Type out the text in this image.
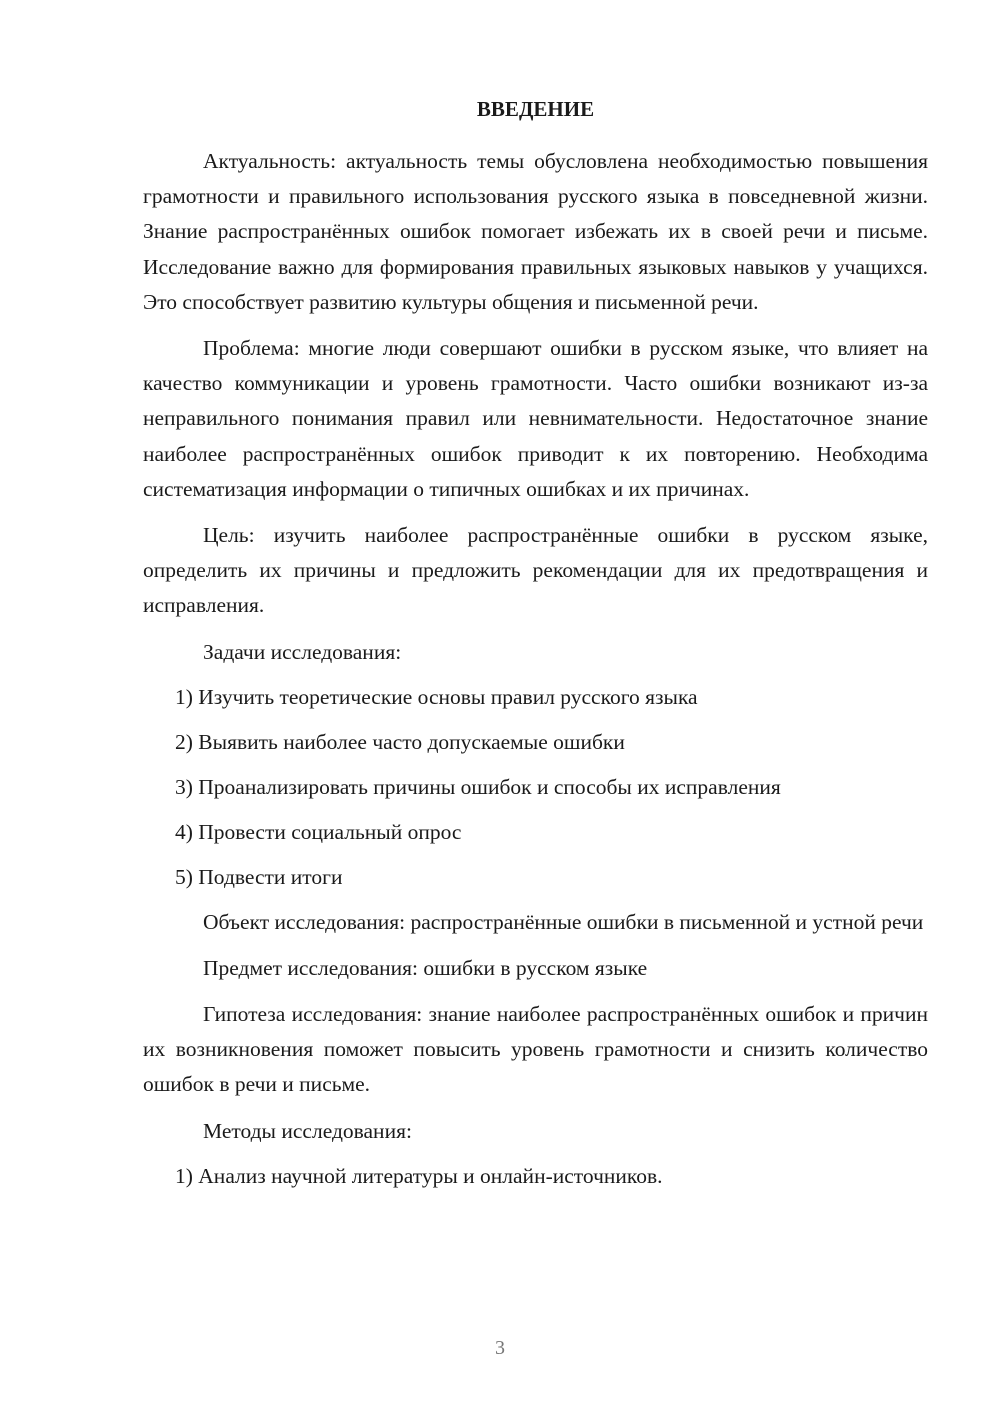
ВВЕДЕНИЕ

Актуальность: актуальность темы обусловлена необходимостью повышения грамотности и правильного использования русского языка в повседневной жизни. Знание распространённых ошибок помогает избежать их в своей речи и письме. Исследование важно для формирования правильных языковых навыков у учащихся. Это способствует развитию культуры общения и письменной речи.

Проблема: многие люди совершают ошибки в русском языке, что влияет на качество коммуникации и уровень грамотности. Часто ошибки возникают из-за неправильного понимания правил или невнимательности. Недостаточное знание наиболее распространённых ошибок приводит к их повторению. Необходима систематизация информации о типичных ошибках и их причинах.

Цель: изучить наиболее распространённые ошибки в русском языке, определить их причины и предложить рекомендации для их предотвращения и исправления.

Задачи исследования:
1) Изучить теоретические основы правил русского языка
2) Выявить наиболее часто допускаемые ошибки
3) Проанализировать причины ошибок и способы их исправления
4) Провести социальный опрос
5) Подвести итоги

Объект исследования: распространённые ошибки в письменной и устной речи

Предмет исследования: ошибки в русском языке

Гипотеза исследования: знание наиболее распространённых ошибок и причин их возникновения поможет повысить уровень грамотности и снизить количество ошибок в речи и письме.

Методы исследования:
1) Анализ научной литературы и онлайн-источников.
3
